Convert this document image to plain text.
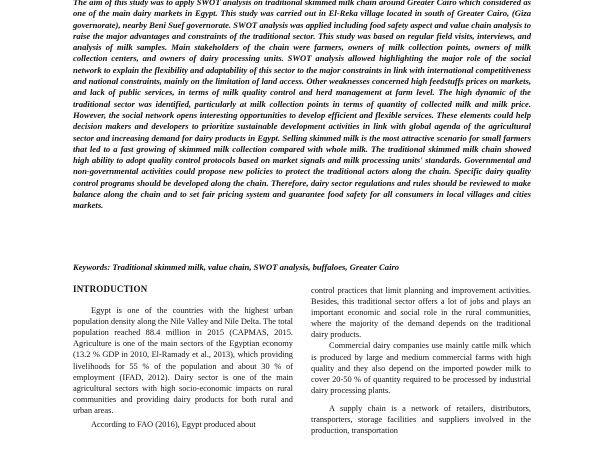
The aim of this study was to apply SWOT analysis on traditional skimmed milk chain around Greater Cairo which considered as one of the main dairy markets in Egypt. This study was carried out in El-Reka village located in south of Greater Cairo, (Giza governorate), nearby Beni Suef governorate. SWOT analysis was applied including food safety aspect and value chain analysis to raise the major advantages and constraints of the traditional sector. This study was based on regular field visits, interviews, and analysis of milk samples. Main stakeholders of the chain were farmers, owners of milk collection points, owners of milk collection centers, and owners of dairy processing units. SWOT analysis allowed highlighting the major role of the social network to explain the flexibility and adaptability of this sector to the major constraints in link with international competitiveness and national constraints, mainly on the limitation of land access. Other weaknesses concerned high feedstuffs prices on markets, and lack of public services, in terms of milk quality control and herd management at farm level. The high dynamic of the traditional sector was identified, particularly at milk collection points in terms of quantity of collected milk and milk price. However, the social network opens interesting opportunities to develop efficient and flexible services. These elements could help decision makers and developers to prioritize sustainable development activities in link with global agenda of the agricultural sector and increasing demand for dairy products in Egypt. Selling skimmed milk is the most attractive scenario for small farmers that led to a fast growing of skimmed milk collection compared with whole milk. The traditional skimmed milk chain showed high ability to adopt quality control protocols based on market signals and milk processing units' standards. Governmental and non-governmental activities could propose new policies to protect the traditional actors along the chain. Specific dairy quality control programs should be developed along the chain. Therefore, dairy sector regulations and rules should be reviewed to make balance along the chain and to set fair pricing system and guarantee food safety for all consumers in local villages and cities markets.

Keywords: Traditional skimmed milk, value chain, SWOT analysis, buffaloes, Greater Cairo

INTRODUCTION

Egypt is one of the countries with the highest urban population density along the Nile Valley and Nile Delta. The total population reached 88.4 million in 2015 (CAPMAS, 2015. Agriculture is one of the main sectors of the Egyptian economy (13.2 % GDP in 2010, El-Ramady et al., 2013), which providing livelihoods for 55 % of the population and about 30 % of employment (IFAD, 2012). Dairy sector is one of the main agricultural sectors with high socio-economic impacts on rural communities and providing dairy products for both rural and urban areas.

According to FAO (2016), Egypt produced about

control practices that limit planning and improvement activities. Besides, this traditional sector offers a lot of jobs and plays an important economic and social role in the rural communities, where the majority of the demand depends on the traditional dairy products.

Commercial dairy companies use mainly cattle milk which is produced by large and medium commercial farms with high quality and they also depend on the imported powder milk to cover 20-50 % of quantity required to be processed by industrial dairy processing plants.

A supply chain is a network of retailers, distributors, transporters, storage facilities and suppliers involved in the production, transportation
